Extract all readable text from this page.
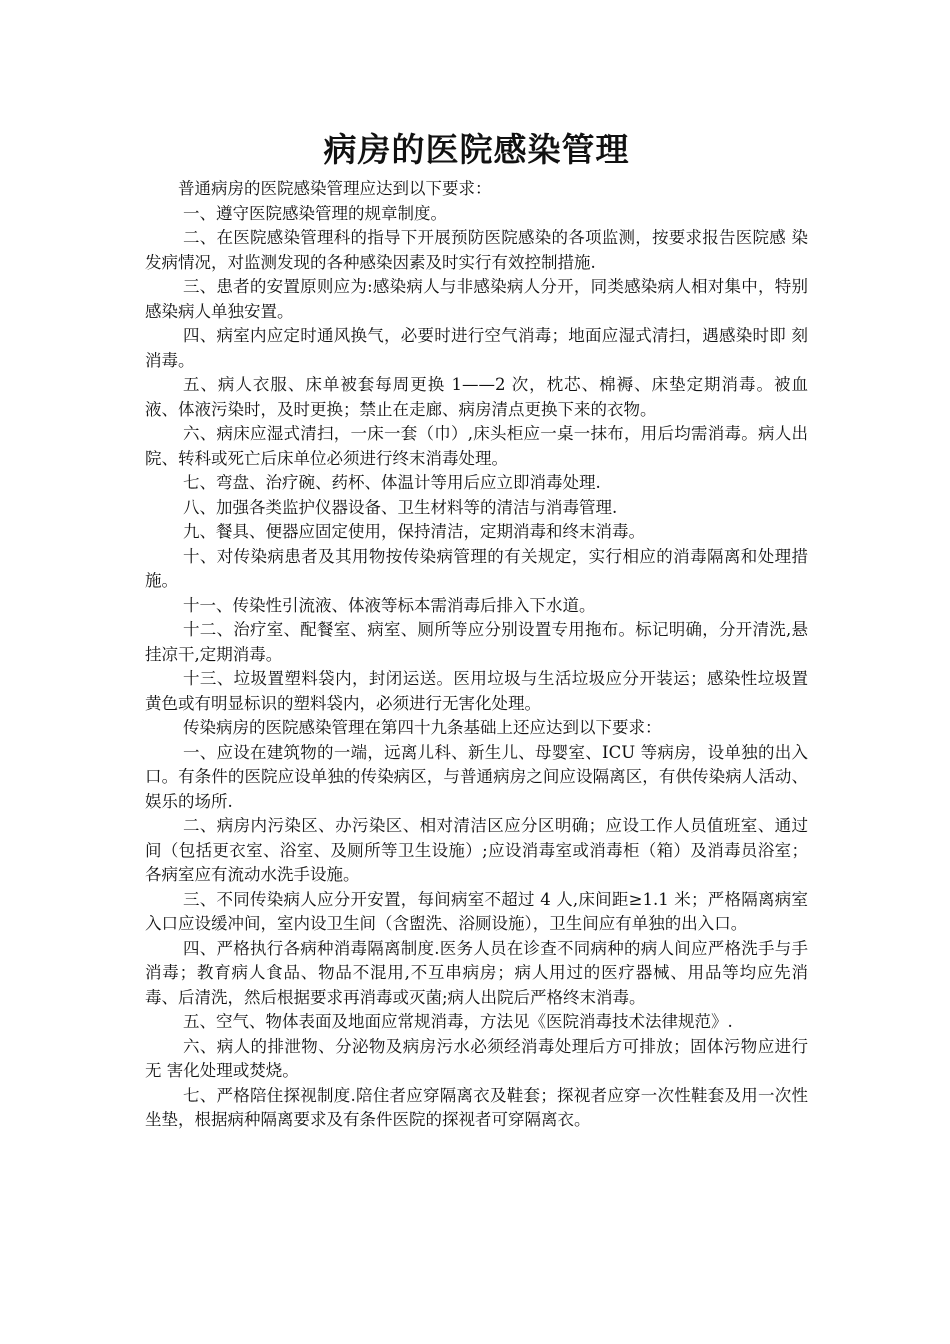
病房的医院感染管理

普通病房的医院感染管理应达到以下要求：

一、遵守医院感染管理的规章制度。

二、在医院感染管理科的指导下开展预防医院感染的各项监测，按要求报告医院感 染发病情况，对监测发现的各种感染因素及时实行有效控制措施.

三、患者的安置原则应为:感染病人与非感染病人分开，同类感染病人相对集中，特别感染病人单独安置。

四、病室内应定时通风换气，必要时进行空气消毒；地面应湿式清扫，遇感染时即 刻消毒。

五、病人衣服、床单被套每周更换 1——2 次，枕芯、棉褥、床垫定期消毒。被血液、体液污染时，及时更换；禁止在走廊、病房清点更换下来的衣物。

六、病床应湿式清扫，一床一套（巾）,床头柜应一桌一抹布，用后均需消毒。病人出院、转科或死亡后床单位必须进行终末消毒处理。

七、弯盘、治疗碗、药杯、体温计等用后应立即消毒处理.

八、加强各类监护仪器设备、卫生材料等的清洁与消毒管理.

九、餐具、便器应固定使用，保持清洁，定期消毒和终末消毒。

十、对传染病患者及其用物按传染病管理的有关规定，实行相应的消毒隔离和处理措施。

十一、传染性引流液、体液等标本需消毒后排入下水道。

十二、治疗室、配餐室、病室、厕所等应分别设置专用拖布。标记明确，分开清洗,悬 挂凉干,定期消毒。

十三、垃圾置塑料袋内，封闭运送。医用垃圾与生活垃圾应分开装运；感染性垃圾置黄色或有明显标识的塑料袋内，必须进行无害化处理。

传染病房的医院感染管理在第四十九条基础上还应达到以下要求：

一、应设在建筑物的一端，远离儿科、新生儿、母婴室、ICU 等病房，设单独的出入口。有条件的医院应设单独的传染病区，与普通病房之间应设隔离区，有供传染病人活动、娱乐的场所.

二、病房内污染区、办污染区、相对清洁区应分区明确；应设工作人员值班室、通过间（包括更衣室、浴室、及厕所等卫生设施）;应设消毒室或消毒柜（箱）及消毒员浴室；各病室应有流动水洗手设施。

三、不同传染病人应分开安置，每间病室不超过 4 人,床间距≥1.1 米；严格隔离病室入口应设缓冲间，室内设卫生间（含盥洗、浴厕设施），卫生间应有单独的出入口。

四、严格执行各病种消毒隔离制度.医务人员在诊查不同病种的病人间应严格洗手与手消毒；教育病人食品、物品不混用,不互串病房；病人用过的医疗器械、用品等均应先消毒、后清洗，然后根据要求再消毒或灭菌;病人出院后严格终末消毒。

五、空气、物体表面及地面应常规消毒，方法见《医院消毒技术法律规范》.

六、病人的排泄物、分泌物及病房污水必须经消毒处理后方可排放；固体污物应进行无 害化处理或焚烧。

七、严格陪住探视制度.陪住者应穿隔离衣及鞋套；探视者应穿一次性鞋套及用一次性坐垫，根据病种隔离要求及有条件医院的探视者可穿隔离衣。
